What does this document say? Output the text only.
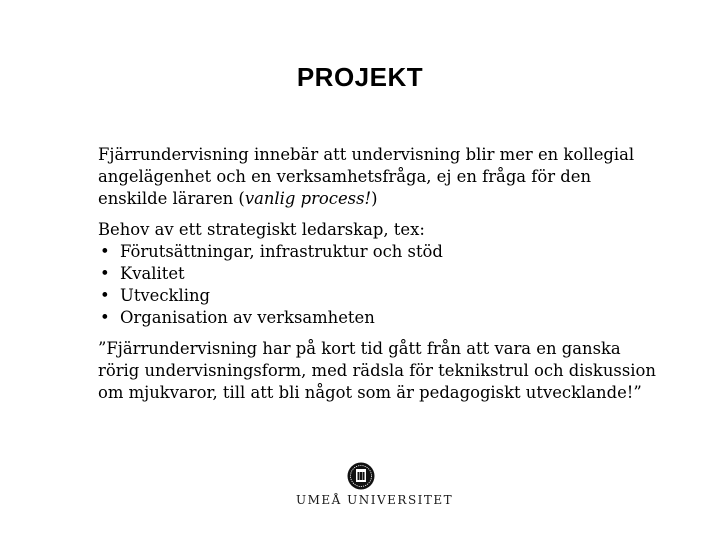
PROJEKT

Fjärrundervisning innebär att undervisning blir mer en kollegial angelägenhet och en verksamhetsfråga, ej en fråga för den enskilde läraren (vanlig process!)

Behov av ett strategiskt ledarskap, tex:
• Förutsättningar, infrastruktur och stöd
• Kvalitet
• Utveckling
• Organisation av verksamheten

”Fjärrundervisning har på kort tid gått från att vara en ganska rörig undervisningsform, med rädsla för teknikstrul och diskussion om mjukvaror, till att bli något som är pedagogiskt utvecklande!”

UMEÅ UNIVERSITET
